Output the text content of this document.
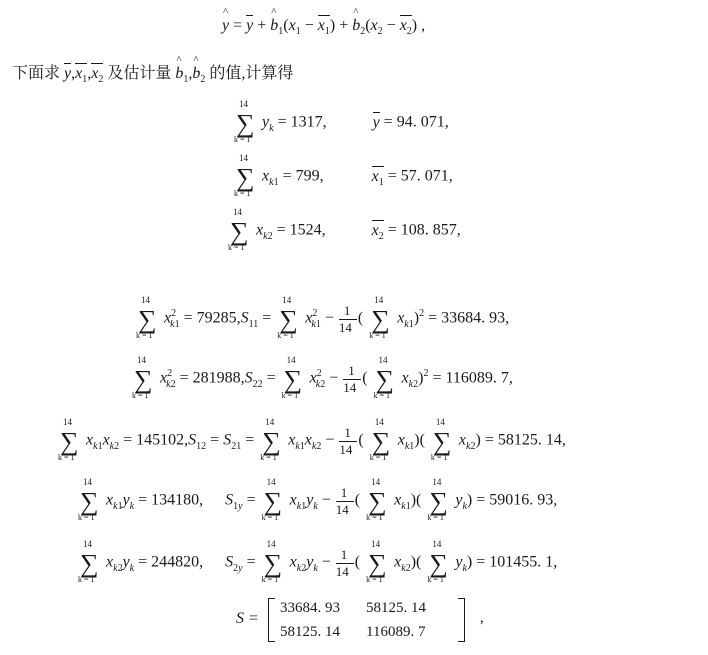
^ y = y + ^ $b_1(x_1 - x_1)$ + ^ $b_2(x_2 - x_2)$ ,
下面求 $y,x_1,x_2$ 及估计量 ^ $b_1,\^{}$ $b_2$ 的值,计算得
14
∑
k = 1
$y_k = 1317$,	y = 94. 071,
14
∑
k = 1
$x_{k1} = 799$,	$x_1 = 57$. 071,
14
∑
k = 1
$x_{k2} = 1524$,	$x_2 = 108$. 857,
14
∑
k = 1
$x^2_{k1} = 79285,S_{11}$ =
14
∑
k = 1
$x^2_{k1} - \frac{1}{14}$ (
14
∑
k = 1
$x_{k1})^2 = 33684$. 93,
14
∑
k = 1
$x^2_{k2} = 281988,S_{22}$ =
14
∑
k = 1
$x^2_{k2} - \frac{1}{14}$ (
14
∑
k = 1
$x_{k2})^2 = 116089$. 7,
14
∑
k = 1
$x_{k1}x_{k2} = 145102,S_{12} = S_{21}$ =
14
∑
k = 1
$x_{k1}x_{k2} - \frac{1}{14}$ (
14
∑
k = 1
$x_{k1}$)(
14
∑
k = 1
$x_{k2}) = 58125$. 14,
14
∑
k = 1
$x_{k1}y_k = 134180$, $S_{1y}$ =
14
∑
k = 1
$x_{k1}y_k - \frac{1}{14}$ (
14
∑
k = 1
$x_{k1}$)(
14
∑
k = 1
$y_k) = 59016$. 93,
14
∑
k = 1
$x_{k2}y_k = 244820$, $S_{2y}$ =
14
∑
k = 1
$x_{k2}y_k - \frac{1}{14}$ (
14
∑
k = 1
$x_{k2}$)(
14
∑
k = 1
$y_k) = 101455$. 1,
S =
33684. 93 58125. 14
58125. 14 116089. 7
,
